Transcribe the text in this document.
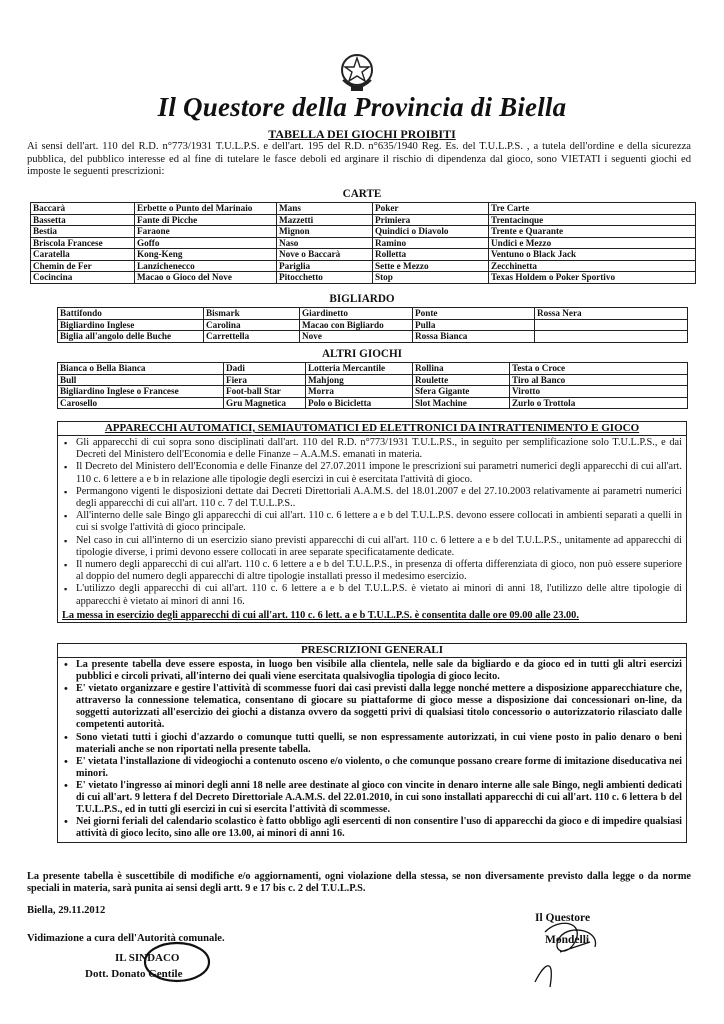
Il Questore della Provincia di Biella
TABELLA DEI GIOCHI PROIBITI
Ai sensi dell'art. 110 del R.D. n°773/1931 T.U.L.P.S. e dell'art. 195 del R.D. n°635/1940 Reg. Es. del T.U.L.P.S. , a tutela dell'ordine e della sicurezza pubblica, del pubblico interesse ed al fine di tutelare le fasce deboli ed arginare il rischio di dipendenza dal gioco, sono VIETATI i seguenti giochi ed imposte le seguenti prescrizioni:
CARTE
Baccarà	Erbette o Punto del Marinaio	Mans	Poker	Tre Carte
Bassetta	Fante di Picche	Mazzetti	Primiera	Trentacinque
Bestia	Faraone	Mignon	Quindici o Diavolo	Trente e Quarante
Briscola Francese	Goffo	Naso	Ramino	Undici e Mezzo
Caratella	Kong-Keng	Nove o Baccarà	Rolletta	Ventuno o Black Jack
Chemin de Fer	Lanzichenecco	Pariglia	Sette e Mezzo	Zecchinetta
Cocincina	Macao o Gioco del Nove	Pitocchetto	Stop	Texas Holdem o Poker Sportivo
BIGLIARDO
Battifondo	Bismark	Giardinetto	Ponte	Rossa Nera
Bigliardino Inglese	Carolina	Macao con Bigliardo	Pulla	
Biglia all'angolo delle Buche	Carrettella	Nove	Rossa Bianca	
ALTRI GIOCHI
Bianca o Bella Bianca	Dadi	Lotteria Mercantile	Rollina	Testa o Croce
Bull	Fiera	Mahjong	Roulette	Tiro al Banco
Bigliardino Inglese o Francese	Foot-ball Star	Morra	Sfera Gigante	Virotto
Carosello	Gru Magnetica	Polo o Bicicletta	Slot Machine	Zurlo o Trottola
APPARECCHI AUTOMATICI, SEMIAUTOMATICI ED ELETTRONICI DA INTRATTENIMENTO E GIOCO
▪ Gli apparecchi di cui sopra sono disciplinati dall'art. 110 del R.D. n°773/1931 T.U.L.P.S., in seguito per semplificazione solo T.U.L.P.S., e dai Decreti del Ministero dell'Economia e delle Finanze – A.A.M.S. emanati in materia.
▪ Il Decreto del Ministero dell'Economia e delle Finanze del 27.07.2011 impone le prescrizioni sui parametri numerici degli apparecchi di cui all'art. 110 c. 6 lettere a e b in relazione alle tipologie degli esercizi in cui è esercitata l'attività di gioco.
▪ Permangono vigenti le disposizioni dettate dai Decreti Direttoriali A.A.M.S. del 18.01.2007 e del 27.10.2003 relativamente ai parametri numerici degli apparecchi di cui all'art. 110 c. 7 del T.U.L.P.S..
▪ All'interno delle sale Bingo gli apparecchi di cui all'art. 110 c. 6 lettere a e b del T.U.L.P.S. devono essere collocati in ambienti separati a quelli in cui si svolge l'attività di gioco principale.
▪ Nel caso in cui all'interno di un esercizio siano previsti apparecchi di cui all'art. 110 c. 6 lettere a e b del T.U.L.P.S., unitamente ad apparecchi di tipologie diverse, i primi devono essere collocati in aree separate specificatamente dedicate.
▪ Il numero degli apparecchi di cui all'art. 110 c. 6 lettere a e b del T.U.L.P.S., in presenza di offerta differenziata di gioco, non può essere superiore al doppio del numero degli apparecchi di altre tipologie installati presso il medesimo esercizio.
▪ L'utilizzo degli apparecchi di cui all'art. 110 c. 6 lettere a e b del T.U.L.P.S. è vietato ai minori di anni 18, l'utilizzo delle altre tipologie di apparecchi è vietato ai minori di anni 16.
La messa in esercizio degli apparecchi di cui all'art. 110 c. 6 lett. a e b T.U.L.P.S. è consentita dalle ore 09.00 alle 23.00.
PRESCRIZIONI GENERALI
• La presente tabella deve essere esposta, in luogo ben visibile alla clientela, nelle sale da bigliardo e da gioco ed in tutti gli altri esercizi pubblici e circoli privati, all'interno dei quali viene esercitata qualsivoglia tipologia di gioco lecito.
• E' vietato organizzare e gestire l'attività di scommesse fuori dai casi previsti dalla legge nonché mettere a disposizione apparecchiature che, attraverso la connessione telematica, consentano di giocare su piattaforme di gioco messe a disposizione dai concessionari on-line, da soggetti autorizzati all'esercizio dei giochi a distanza ovvero da soggetti privi di qualsiasi titolo concessorio o autorizzatorio rilasciato dalle competenti autorità.
• Sono vietati tutti i giochi d'azzardo o comunque tutti quelli, se non espressamente autorizzati, in cui viene posto in palio denaro o beni materiali anche se non riportati nella presente tabella.
• E' vietata l'installazione di videogiochi a contenuto osceno e/o violento, o che comunque possano creare forme di imitazione diseducativa nei minori.
• E' vietato l'ingresso ai minori degli anni 18 nelle aree destinate al gioco con vincite in denaro interne alle sale Bingo, negli ambienti dedicati di cui all'art. 9 lettera f del Decreto Direttoriale A.A.M.S. del 22.01.2010, in cui sono installati apparecchi di cui all'art. 110 c. 6 lettera b del T.U.L.P.S., ed in tutti gli esercizi in cui si esercita l'attività di scommesse.
• Nei giorni feriali del calendario scolastico è fatto obbligo agli esercenti di non consentire l'uso di apparecchi da gioco e di impedire qualsiasi attività di gioco lecito, sino alle ore 13.00, ai minori di anni 16.
La presente tabella è suscettibile di modifiche e/o aggiornamenti, ogni violazione della stessa, se non diversamente previsto dalla legge o da norme speciali in materia, sarà punita ai sensi degli artt. 9 e 17 bis c. 2 del T.U.L.P.S.
Biella, 29.11.2012
Vidimazione a cura dell'Autorità comunale.
IL SINDACO
Dott. Donato Gentile
Il Questore
Mondelli
